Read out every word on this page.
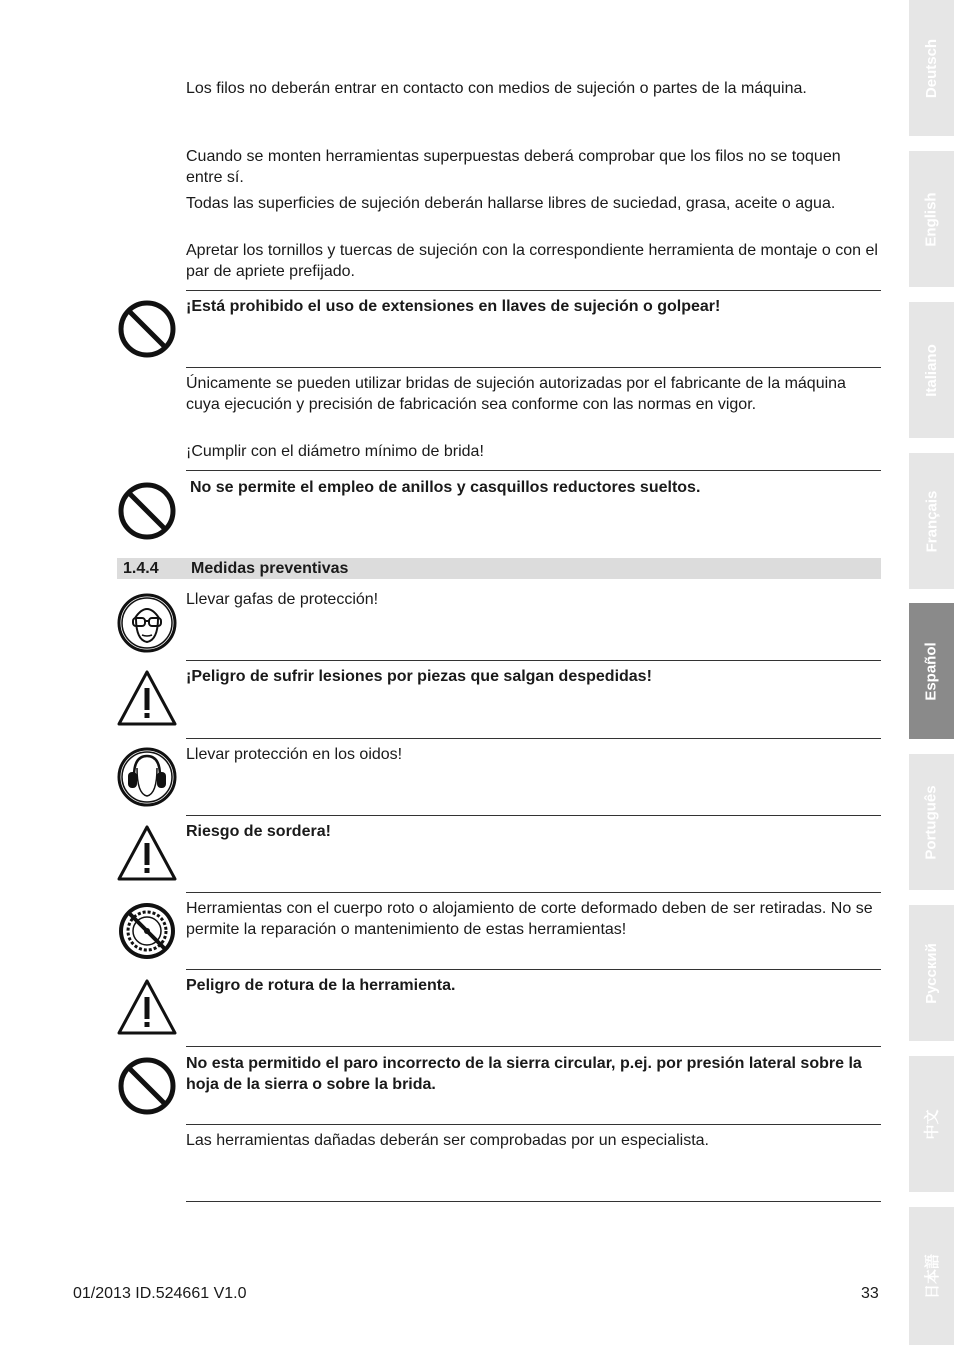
Los filos no deberán entrar en contacto con medios de sujeción o partes de la máquina.
Cuando se monten herramientas superpuestas deberá comprobar que los filos no se toquen entre sí.
Todas las superficies de sujeción deberán hallarse libres de suciedad, grasa, aceite o agua.
Apretar los tornillos y tuercas de sujeción con la correspondiente herramienta de montaje o con el par de apriete prefijado.
¡Está prohibido el uso de extensiones en llaves de sujeción o golpear!
Únicamente se pueden utilizar bridas de sujeción autorizadas por el fabricante de la máquina cuya ejecución y precisión de fabricación sea conforme con las normas en vigor.
¡Cumplir con el diámetro mínimo de brida!
No se permite el empleo de anillos y casquillos reductores sueltos.
1.4.4 Medidas preventivas
Llevar gafas de protección!
¡Peligro de sufrir lesiones por piezas que salgan despedidas!
Llevar protección en los oidos!
Riesgo de sordera!
Herramientas con el cuerpo roto o alojamiento de corte deformado deben de ser retiradas. No se permite la reparación o mantenimiento de estas herramientas!
Peligro de rotura de la herramienta.
No esta permitido el paro incorrecto de la sierra circular, p.ej. por presión lateral sobre la hoja de la sierra o sobre la brida.
Las herramientas dañadas deberán ser comprobadas por un especialista.
01/2013 ID.524661 V1.0	33
Deutsch
English
Italiano
Français
Español
Português
Pусский
中文
日本語
